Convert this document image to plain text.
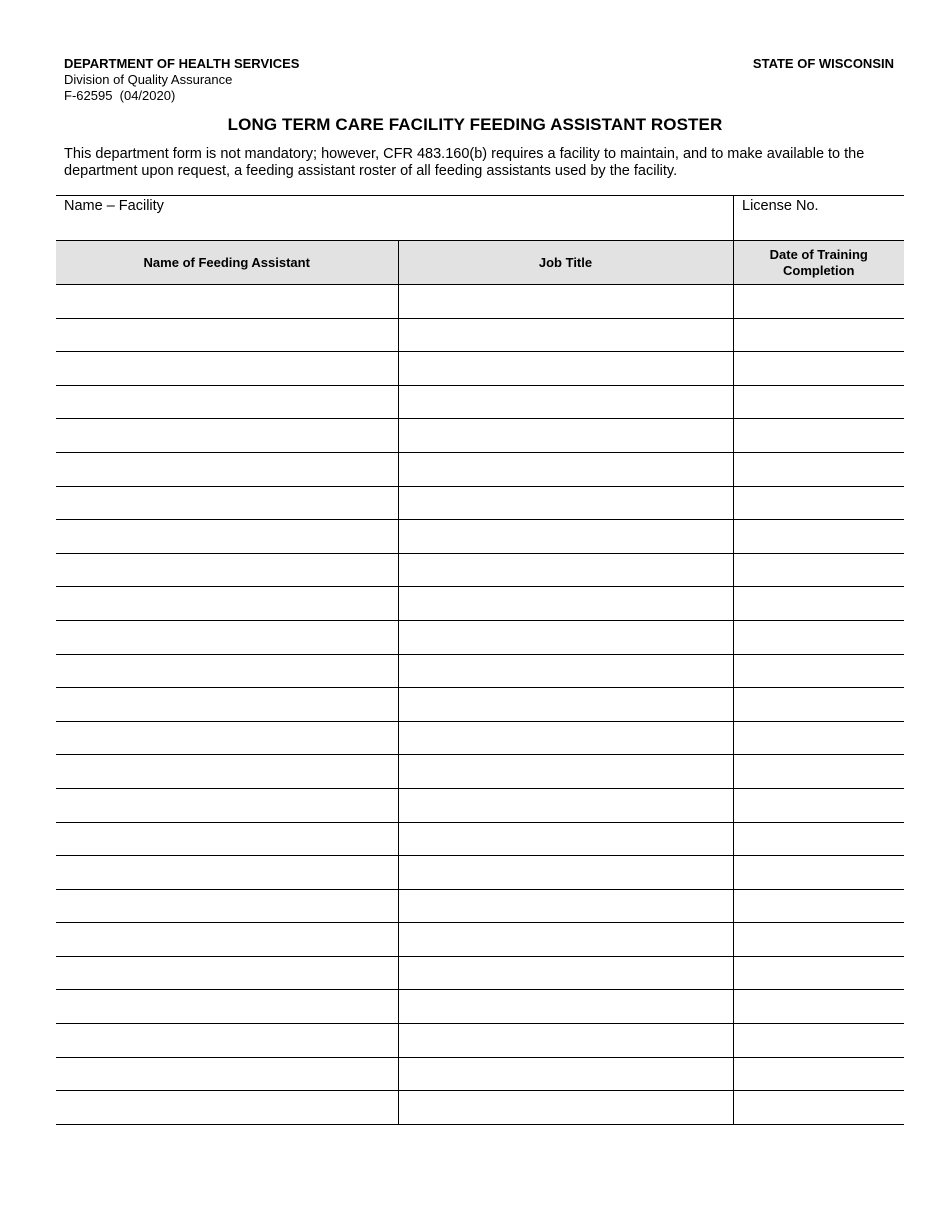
DEPARTMENT OF HEALTH SERVICES
Division of Quality Assurance
F-62595  (04/2020)
STATE OF WISCONSIN
LONG TERM CARE FACILITY FEEDING ASSISTANT ROSTER
This department form is not mandatory; however, CFR 483.160(b) requires a facility to maintain, and to make available to the department upon request, a feeding assistant roster of all feeding assistants used by the facility.
Name – Facility	License No.
Name of Feeding Assistant	Job Title	Date of Training Completion
